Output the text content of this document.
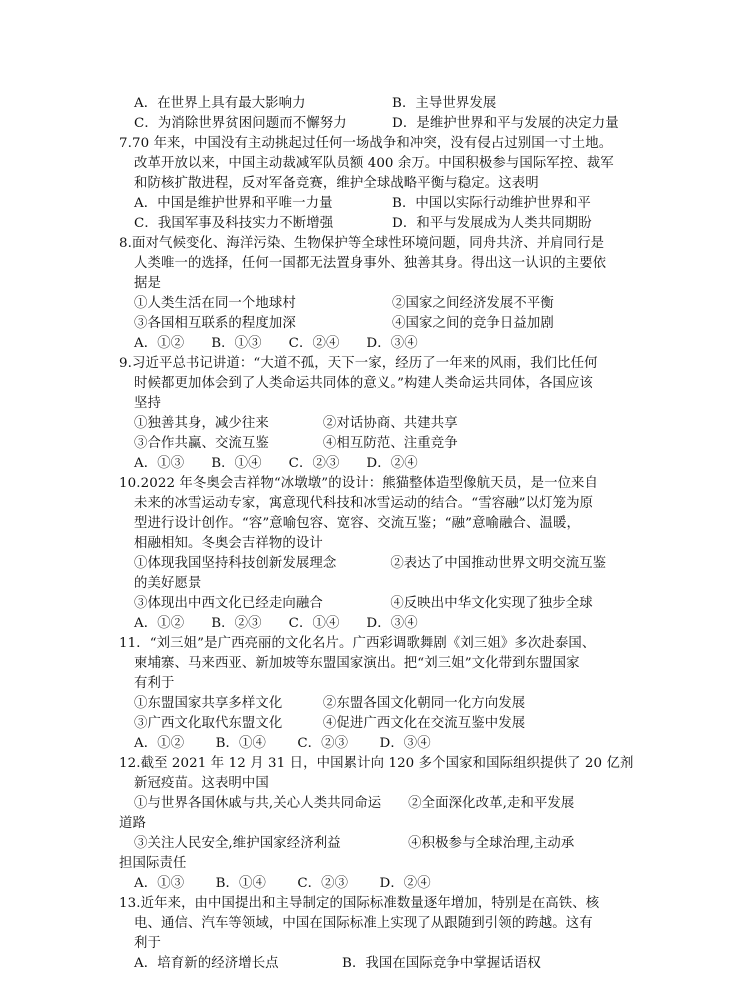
A．在世界上具有最大影响力	B．主导世界发展
C．为消除世界贫困问题而不懈努力	D．是维护世界和平与发展的决定力量
7.70 年来，中国没有主动挑起过任何一场战争和冲突，没有侵占过别国一寸土地。
改革开放以来，中国主动裁减军队员额 400 余万。中国积极参与国际军控、裁军
和防核扩散进程，反对军备竞赛，维护全球战略平衡与稳定。这表明
A．中国是维护世界和平唯一力量	B．中国以实际行动维护世界和平
C．我国军事及科技实力不断增强	D．和平与发展成为人类共同期盼
8.面对气候变化、海洋污染、生物保护等全球性环境问题，同舟共济、并肩同行是
人类唯一的选择，任何一国都无法置身事外、独善其身。得出这一认识的主要依
据是
①人类生活在同一个地球村	②国家之间经济发展不平衡
③各国相互联系的程度加深	④国家之间的竞争日益加剧
A．①②　　B．①③　　C．②④　　D．③④
9.习近平总书记讲道：“大道不孤，天下一家，经历了一年来的风雨，我们比任何
时候都更加体会到了人类命运共同体的意义。”构建人类命运共同体，各国应该
坚持
①独善其身，减少往来　　　　②对话协商、共建共享
③合作共赢、交流互鉴　　　　④相互防范、注重竞争
A．①③　　B．①④　　C．②③　　D．②④
10.2022 年冬奥会吉祥物“冰墩墩”的设计：熊猫整体造型像航天员，是一位来自
未来的冰雪运动专家，寓意现代科技和冰雪运动的结合。“雪容融”以灯笼为原
型进行设计创作。“容”意喻包容、宽容、交流互鉴；“融”意喻融合、温暖，
相融相知。冬奥会吉祥物的设计
①体现我国坚持科技创新发展理念　　　　②表达了中国推动世界文明交流互鉴
的美好愿景
③体现出中西文化已经走向融合　　　　　④反映出中华文化实现了独步全球
A．①②　　B．②③　　C．①④　　D．③④
11．“刘三姐”是广西亮丽的文化名片。广西彩调歌舞剧《刘三姐》多次赴泰国、
柬埔寨、马来西亚、新加坡等东盟国家演出。把“刘三姐”文化带到东盟国家
有利于
①东盟国家共享多样文化　　　②东盟各国文化朝同一化方向发展
③广西文化取代东盟文化　　　④促进广西文化在交流互鉴中发展
A．①②　　 B．①④　　 C．②③　　 D．③④
12.截至 2021 年 12 月 31 日，中国累计向 120 多个国家和国际组织提供了 20 亿剂
新冠疫苗。这表明中国
①与世界各国休戚与共,关心人类共同命运　　②全面深化改革,走和平发展
道路
③关注人民安全,维护国家经济利益　　　　　④积极参与全球治理,主动承
担国际责任
A．①③　　 B．①④　　 C．②③　　 D．②④
13.近年来，由中国提出和主导制定的国际标准数量逐年增加，特别是在高铁、核
电、通信、汽车等领域，中国在国际标准上实现了从跟随到引领的跨越。这有
利于
A．培育新的经济增长点	B．我国在国际竞争中掌握话语权
